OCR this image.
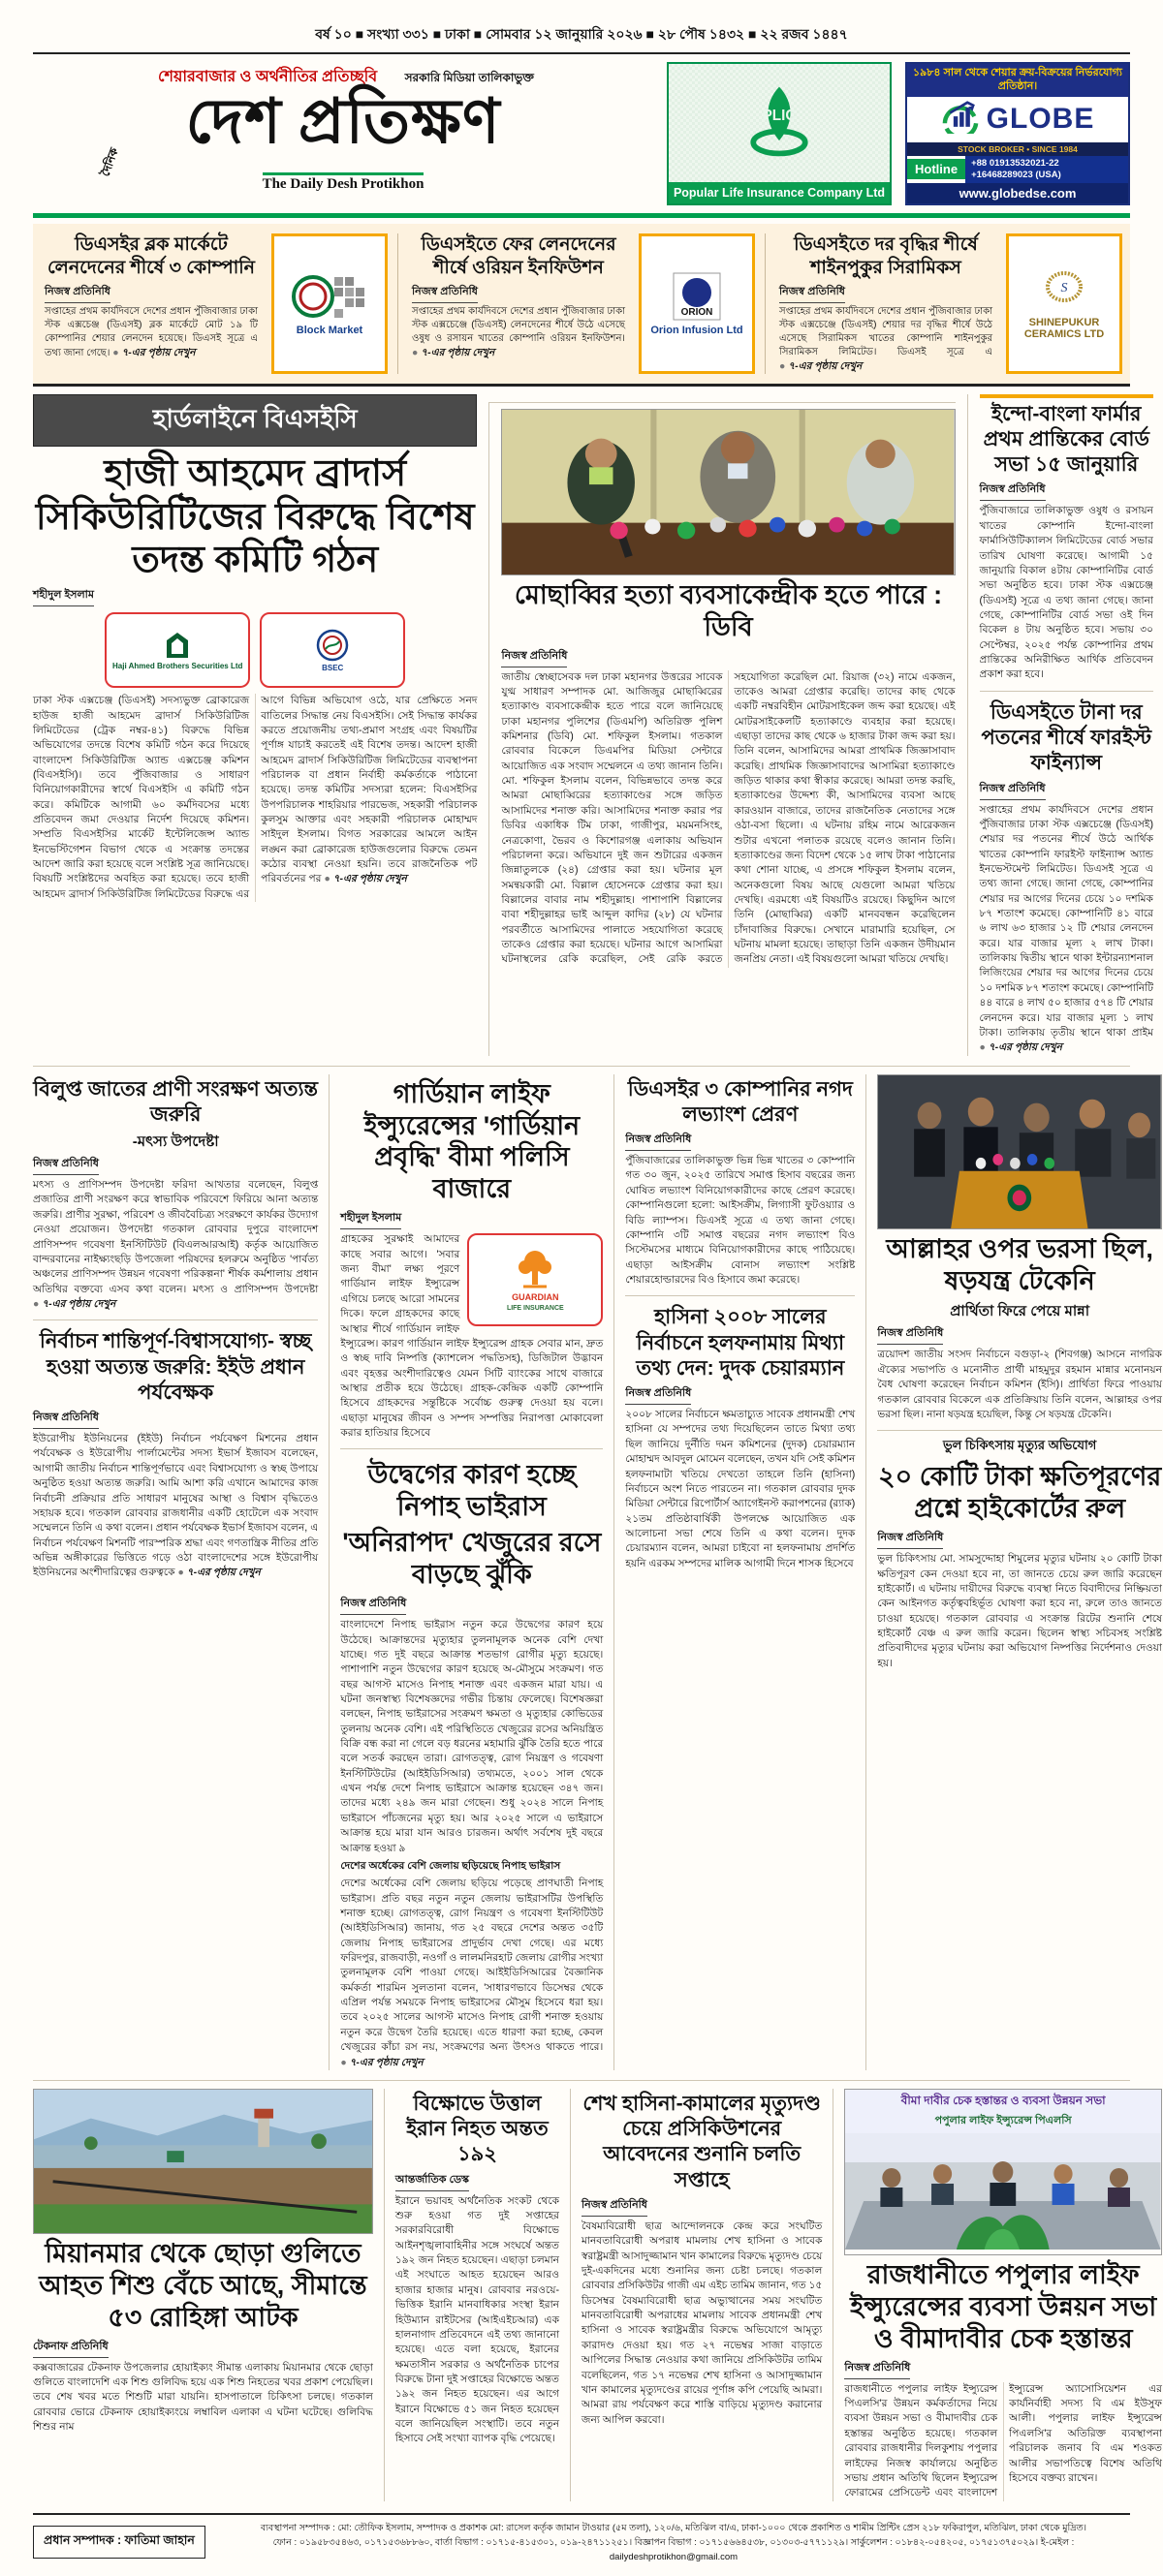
বর্ষ ১০ ■ সংখ্যা ৩৩১ ■ ঢাকা ■ সোমবার ১২ জানুয়ারি ২০২৬ ■ ২৮ পৌষ ১৪৩২ ■ ২২ রজব ১৪৪৭
শেয়ারবাজার ও অর্থনীতির প্রতিচ্ছবি সরকারি মিডিয়া তালিকাভুক্ত
দেশ প্রতিক্ষণ
দৈনিক

The Daily Desh Protikhon
PLIC
Popular Life Insurance Company Ltd
১৯৮৪ সাল থেকে শেয়ার ক্রয়-বিক্রয়ের নির্ভরযোগ্য প্রতিষ্ঠান।
GLOBE
STOCK BROKER • SINCE 1984
Hotline	+88 01913532021-22
+16468289023 (USA)
www.globedse.com
ডিএসইর ব্লক মার্কেটে লেনদেনের শীর্ষে ৩ কোম্পানি
নিজস্ব প্রতিনিধি

সপ্তাহের প্রথম কার্যদিবসে দেশের প্রধান পুঁজিবাজার ঢাকা স্টক এক্সচেঞ্জ (ডিএসই) ব্লক মার্কেটে মোট ১৯ টি কোম্পানির শেয়ার লেনদেন হয়েছে। ডিএসই সূত্রে এ তথ্য জানা গেছে। ● ৭-এর পৃষ্ঠায় দেখুন

Block Market
ডিএসইতে ফের লেনদেনের শীর্ষে ওরিয়ন ইনফিউশন
নিজস্ব প্রতিনিধি

সপ্তাহের প্রথম কার্যদিবসে দেশের প্রধান পুঁজিবাজার ঢাকা স্টক এক্সচেঞ্জে (ডিএসই) লেনদেনের শীর্ষে উঠে এসেছে ওষুধ ও রসায়ন খাতের কোম্পানি ওরিয়ন ইনফিউশন। ● ৭-এর পৃষ্ঠায় দেখুন

ORION
Orion Infusion Ltd
ডিএসইতে দর বৃদ্ধির শীর্ষে শাইনপুকুর সিরামিকস
নিজস্ব প্রতিনিধি

সপ্তাহের প্রথম কার্যদিবসে দেশের প্রধান পুঁজিবাজার ঢাকা স্টক এক্সচেঞ্জে (ডিএসই) শেয়ার দর বৃদ্ধির শীর্ষে উঠে এসেছে সিরামিকস খাতের কোম্পানি শাইনপুকুর সিরামিকস লিমিটেড। ডিএসই সূত্রে এ ● ৭-এর পৃষ্ঠায় দেখুন

S
SHINEPUKUR CERAMICS LTD
হার্ডলাইনে বিএসইসি
হাজী আহমেদ ব্রাদার্স সিকিউরিটিজের বিরুদ্ধে বিশেষ তদন্ত কমিটি গঠন
শহীদুল ইসলাম
Haji Ahmed Brothers Securities Ltd	BSEC
ঢাকা স্টক এক্সচেঞ্জ (ডিএসই) সদস্যভুক্ত ব্রোকারেজ হাউজ হাজী আহমেদ ব্রাদার্স সিকিউরিটিজ লিমিটেডের (ট্রেক নম্বর-৪১) বিরুদ্ধে বিভিন্ন অভিযোগের তদন্তে বিশেষ কমিটি গঠন করে দিয়েছে বাংলাদেশ সিকিউরিটিজ অ্যান্ড এক্সচেঞ্জ কমিশন (বিএসইসি)। তবে পুঁজিবাজার ও সাধারণ বিনিয়োগকারীদের স্বার্থে বিএসইসি এ কমিটি গঠন করে। কমিটিকে আগামী ৬০ কর্মদিবসের মধ্যে প্রতিবেদন জমা দেওয়ার নির্দেশ দিয়েছে কমিশন। সম্প্রতি বিএসইসির মার্কেট ইন্টেলিজেন্স অ্যান্ড ইনভেস্টিগেশন বিভাগ থেকে এ সংক্রান্ত তদন্তের আদেশ জারি করা হয়েছে বলে সংশ্লিষ্ট সূত্র জানিয়েছে। বিষয়টি সংশ্লিষ্টদের অবহিত করা হয়েছে। তবে হাজী আহমেদ ব্রাদার্স সিকিউরিটিজ লিমিটেডের বিরুদ্ধে এর আগে বিভিন্ন অভিযোগ ওঠে, যার প্রেক্ষিতে সনদ বাতিলের সিদ্ধান্ত নেয় বিএসইসি। সেই সিদ্ধান্ত কার্যকর করতে প্রয়োজনীয় তথ্য-প্রমাণ সংগ্রহ এবং বিষয়টির পূর্ণাঙ্গ যাচাই করতেই এই বিশেষ তদন্ত। আদেশ হাজী আহমেদ ব্রাদার্স সিকিউরিটিজ লিমিটেডের ব্যবস্থাপনা পরিচালক বা প্রধান নির্বাহী কর্মকর্তাকে পাঠানো হয়েছে। তদন্ত কমিটির সদস্যরা হলেন: বিএসইসির উপপরিচালক শাহরিয়ার পারভেজ, সহকারী পরিচালক কুলসুম আক্তার এবং সহকারী পরিচালক মোহাম্মদ সাইদুল ইসলাম। বিগত সরকারের আমলে আইন লঙ্ঘন করা ব্রোকারেজ হাউজগুলোর বিরুদ্ধে তেমন কঠোর ব্যবস্থা নেওয়া হয়নি। তবে রাজনৈতিক পট পরিবর্তনের পর ● ৭-এর পৃষ্ঠায় দেখুন
মোছাব্বির হত্যা ব্যবসাকেন্দ্রীক হতে পারে : ডিবি
নিজস্ব প্রতিনিধি
জাতীয় স্বেচ্ছাসেবক দল ঢাকা মহানগর উত্তরের সাবেক যুগ্ম সাধারণ সম্পাদক মো. আজিজুর মোছাব্বিরের হত্যাকাণ্ড ব্যবসাকেন্দ্রীক হতে পারে বলে জানিয়েছে ঢাকা মহানগর পুলিশের (ডিএমপি) অতিরিক্ত পুলিশ কমিশনার (ডিবি) মো. শফিকুল ইসলাম। গতকাল রোববার বিকেলে ডিএমপির মিডিয়া সেন্টারে আয়োজিত এক সংবাদ সম্মেলনে এ তথ্য জানান তিনি। মো. শফিকুল ইসলাম বলেন, বিভিন্নভাবে তদন্ত করে আমরা মোছাব্বিরের হত্যাকাণ্ডের সঙ্গে জড়িত আসামিদের শনাক্ত করি। আসামিদের শনাক্ত করার পর ডিবির একাধিক টিম ঢাকা, গাজীপুর, ময়মনসিংহ, নেত্রকোণা, ভৈরব ও কিশোরগঞ্জ এলাকায় অভিযান পরিচালনা করে। অভিযানে দুই জন শুটারের একজন জিন্নাতুলকে (২৪) গ্রেপ্তার করা হয়। ঘটনার মূল সমন্বয়কারী মো. বিল্লাল হোসেনকে গ্রেপ্তার করা হয়। বিল্লালের বাবার নাম শহীদুল্লাহ। পাশাপাশি বিল্লালের বাবা শহীদুল্লাহর ভাই আব্দুল কাদির (২৮) যে ঘটনার পরবর্তীতে আসামিদের পালাতে সহযোগিতা করেছে তাকেও গ্রেপ্তার করা হয়েছে। ঘটনার আগে আসামিরা ঘটনাস্থলের রেকি করেছিল, সেই রেকি করতে সহযোগিতা করেছিল মো. রিয়াজ (৩২) নামে একজন, তাকেও আমরা গ্রেপ্তার করেছি। তাদের কাছ থেকে একটি নম্বরবিহীন মোটরসাইকেল জব্দ করা হয়েছে। এই মোটরসাইকেলটি হত্যাকাণ্ডে ব্যবহার করা হয়েছে। এছাড়া তাদের কাছ থেকে ৬ হাজার টাকা জব্দ করা হয়। তিনি বলেন, আসামিদের আমরা প্রাথমিক জিজ্ঞাসাবাদ করেছি। প্রাথমিক জিজ্ঞাসাবাদের আসামিরা হত্যাকাণ্ডে জড়িত থাকার কথা স্বীকার করেছে। আমরা তদন্ত করছি, হত্যাকাণ্ডের উদ্দেশ্য কী, আসামিদের ব্যবসা আছে কারওয়ান বাজারে, তাদের রাজনৈতিক নেতাদের সঙ্গে ওঠা-বসা ছিলো। এ ঘটনায় রহিম নামে আরেকজন শুটার এখনো পলাতক রয়েছে বলেও জানান তিনি। হত্যাকাণ্ডের জন্য বিদেশ থেকে ১৫ লাখ টাকা পাঠানোর কথা শোনা যাচ্ছে, এ প্রসঙ্গে শফিকুল ইসলাম বলেন, অনেকগুলো বিষয় আছে যেগুলো আমরা খতিয়ে দেখছি। এরমধ্যে এই বিষয়টিও রয়েছে। কিছুদিন আগে তিনি (মোছাব্বির) একটি মানববন্ধন করেছিলেন চাঁদাবাজির বিরুদ্ধে। সেখানে মারামারি হয়েছিল, সে ঘটনায় মামলা হয়েছে। তাছাড়া তিনি একজন উদীয়মান জনপ্রিয় নেতা। এই বিষয়গুলো আমরা খতিয়ে দেখছি।
ইন্দো-বাংলা ফার্মার প্রথম প্রান্তিকের বোর্ড সভা ১৫ জানুয়ারি
নিজস্ব প্রতিনিধি
পুঁজিবাজারে তালিকাভুক্ত ওষুধ ও রসায়ন খাতের কোম্পানি ইন্দো-বাংলা ফার্মাসিউটিক্যালস লিমিটেডের বোর্ড সভার তারিখ ঘোষণা করেছে। আগামী ১৫ জানুয়ারি বিকাল ৪টায় কোম্পানিটির বোর্ড সভা অনুষ্ঠিত হবে। ঢাকা স্টক এক্সচেঞ্জ (ডিএসই) সূত্রে এ তথ্য জানা গেছে। জানা গেছে, কোম্পানিটির বোর্ড সভা ওই দিন বিকেল ৪ টায় অনুষ্ঠিত হবে। সভায় ৩০ সেপ্টেম্বর, ২০২৫ পর্যন্ত কোম্পানির প্রথম প্রান্তিকের অনিরীক্ষিত আর্থিক প্রতিবেদন প্রকাশ করা হবে।
ডিএসইতে টানা দর পতনের শীর্ষে ফারইস্ট ফাইন্যান্স
নিজস্ব প্রতিনিধি
সপ্তাহের প্রথম কার্যদিবসে দেশের প্রধান পুঁজিবাজার ঢাকা স্টক এক্সচেঞ্জে (ডিএসই) শেয়ার দর পতনের শীর্ষে উঠে আর্থিক খাতের কোম্পানি ফারইস্ট ফাইন্যান্স অ্যান্ড ইনভেস্টমেন্ট লিমিটেড। ডিএসই সূত্রে এ তথ্য জানা গেছে। জানা গেছে, কোম্পানির শেয়ার দর আগের দিনের চেয়ে ১০ দশমিক ৮৭ শতাংশ কমেছে। কোম্পানিটি ৪১ বারে ৬ লাখ ৬৩ হাজার ১২ টি শেয়ার লেনদেন করে। যার বাজার মূল্য ২ লাখ টাকা। তালিকায় দ্বিতীয় স্থানে থাকা ইন্টারন্যাশনাল লিজিংয়ের শেয়ার দর আগের দিনের চেয়ে ১০ দশমিক ৮৭ শতাংশ কমেছে। কোম্পানিটি ৪৪ বারে ৪ লাখ ৫০ হাজার ৫৭৪ টি শেয়ার লেনদেন করে। যার বাজার মূল্য ১ লাখ টাকা। তালিকায় তৃতীয় স্থানে থাকা প্রাইম ● ৭-এর পৃষ্ঠায় দেখুন
বিলুপ্ত জাতের প্রাণী সংরক্ষণ অত্যন্ত জরুরি
-মৎস্য উপদেষ্টা
নিজস্ব প্রতিনিধি
মৎস্য ও প্রাণিসম্পদ উপদেষ্টা ফরিদা আখতার বলেছেন, বিলুপ্ত প্রজাতির প্রাণী সংরক্ষণ করে স্বাভাবিক পরিবেশে ফিরিয়ে আনা অত্যন্ত জরুরি। প্রাণীর সুরক্ষা, পরিবেশ ও জীববৈচিত্র্য সংরক্ষণে কার্যকর উদ্যোগ নেওয়া প্রয়োজন। উপদেষ্টা গতকাল রোববার দুপুরে বাংলাদেশ প্রাণিসম্পদ গবেষণা ইনস্টিটিউট (বিএলআরআই) কর্তৃক আয়োজিত বান্দরবানের নাইক্ষ্যংছড়ি উপজেলা পরিষদের হলরুমে অনুষ্ঠিত 'পার্বত্য অঞ্চলের প্রাণিসম্পদ উন্নয়ন গবেষণা পরিকল্পনা' শীর্ষক কর্মশালায় প্রধান অতিথির বক্তব্যে এসব কথা বলেন। মৎস্য ও প্রাণিসম্পদ উপদেষ্টা ● ৭-এর পৃষ্ঠায় দেখুন
নির্বাচন শান্তিপূর্ণ-বিশ্বাসযোগ্য- স্বচ্ছ হওয়া অত্যন্ত জরুরি: ইইউ প্রধান পর্যবেক্ষক
নিজস্ব প্রতিনিধি
ইউরোপীয় ইউনিয়নের (ইইউ) নির্বাচন পর্যবেক্ষণ মিশনের প্রধান পর্যবেক্ষক ও ইউরোপীয় পার্লামেন্টের সদস্য ইভার্স ইজাবস বলেছেন, আগামী জাতীয় নির্বাচন শান্তিপূর্ণভাবে এবং বিশ্বাসযোগ্য ও স্বচ্ছ উপায়ে অনুষ্ঠিত হওয়া অত্যন্ত জরুরি। আমি আশা করি এখানে আমাদের কাজ নির্বাচনী প্রক্রিয়ার প্রতি সাধারণ মানুষের আস্থা ও বিশ্বাস বৃদ্ধিতেও সহায়ক হবে। গতকাল রোববার রাজধানীর একটি হোটেলে এক সংবাদ সম্মেলনে তিনি এ কথা বলেন। প্রধান পর্যবেক্ষক ইভার্স ইজাবস বলেন, এ নির্বাচন পর্যবেক্ষণ মিশনটি পারস্পরিক শ্রদ্ধা এবং গণতান্ত্রিক নীতির প্রতি অভিন্ন অঙ্গীকারের ভিত্তিতে গড়ে ওঠা বাংলাদেশের সঙ্গে ইউরোপীয় ইউনিয়নের অংশীদারিত্বের গুরুত্বকে ● ৭-এর পৃষ্ঠায় দেখুন
গার্ডিয়ান লাইফ ইন্স্যুরেন্সের 'গার্ডিয়ান প্রবৃদ্ধি' বীমা পলিসি বাজারে
শহীদুল ইসলাম
GUARDIAN
LIFE INSURANCE
গ্রাহকের সুরক্ষাই আমাদের কাছে সবার আগে। 'সবার জন্য বীমা' লক্ষ্য পূরণে গার্ডিয়ান লাইফ ইন্স্যুরেন্স এগিয়ে চলছে আরো সামনের দিকে। ফলে গ্রাহকদের কাছে আস্থার শীর্ষে গার্ডিয়ান লাইফ ইন্স্যুরেন্স। কারণ গার্ডিয়ান লাইফ ইন্স্যুরেন্স গ্রাহক সেবার মান, দ্রুত ও স্বচ্ছ দাবি নিষ্পত্তি (ক্যাশলেস পদ্ধতিসহ), ডিজিটাল উদ্ভাবন এবং বৃহত্তর অংশীদারিত্বেও যেমন সিটি ব্যাংকের সাথে বাজারে আস্থার প্রতীক হয়ে উঠেছে। গ্রাহক-কেন্দ্রিক একটি কোম্পানি হিসেবে গ্রাহকদের সন্তুষ্টিকে সর্বোচ্চ গুরুত্ব দেওয়া হয় বলে। এছাড়া মানুষের জীবন ও সম্পদ সম্পত্তির নিরাপত্তা মোকাবেলা করার হাতিয়ার হিসেবে
উদ্বেগের কারণ হচ্ছে নিপাহ ভাইরাস
'অনিরাপদ' খেজুরের রসে বাড়ছে ঝুঁকি
নিজস্ব প্রতিনিধি
বাংলাদেশে নিপাহ ভাইরাস নতুন করে উদ্বেগের কারণ হয়ে উঠেছে। আক্রান্তদের মৃত্যুহার তুলনামূলক অনেক বেশি দেখা যাচ্ছে। গত দুই বছরে আক্রান্ত শতভাগ রোগীর মৃত্যু হয়েছে। পাশাপাশি নতুন উদ্বেগের কারণ হয়েছে অ-মৌসুমে সংক্রমণ। গত বছর আগস্ট মাসেও নিপাহ শনাক্ত এবং একজন মারা যায়। এ ঘটনা জনস্বাস্থ্য বিশেষজ্ঞদের গভীর চিন্তায় ফেলেছে। বিশেষজ্ঞরা বলছেন, নিপাহ ভাইরাসের সংক্রমণ ক্ষমতা ও মৃত্যুহার কোভিডের তুলনায় অনেক বেশি। এই পরিস্থিতিতে খেজুরের রসের অনিয়ন্ত্রিত বিক্রি বন্ধ করা না গেলে বড় ধরনের মহামারি ঝুঁকি তৈরি হতে পারে বলে সতর্ক করছেন তারা। রোগতত্ত্ব, রোগ নিয়ন্ত্রণ ও গবেষণা ইনস্টিটিউটের (আইইডিসিআর) তথ্যমতে, ২০০১ সাল থেকে এখন পর্যন্ত দেশে নিপাহ ভাইরাসে আক্রান্ত হয়েছেন ৩৪৭ জন। তাদের মধ্যে ২৪৯ জন মারা গেছেন। শুধু ২০২৪ সালে নিপাহ ভাইরাসে পাঁচজনের মৃত্যু হয়। আর ২০২৫ সালে এ ভাইরাসে আক্রান্ত হয়ে মারা যান আরও চারজন। অর্থাৎ সর্বশেষ দুই বছরে আক্রান্ত হওয়া ৯
দেশের অর্ধেকের বেশি জেলায় ছড়িয়েছে নিপাহ ভাইরাস
দেশের অর্ধেকের বেশি জেলায় ছড়িয়ে পড়েছে প্রাণঘাতী নিপাহ ভাইরাস। প্রতি বছর নতুন নতুন জেলায় ভাইরাসটির উপস্থিতি শনাক্ত হচ্ছে। রোগতত্ত্ব, রোগ নিয়ন্ত্রণ ও গবেষণা ইনস্টিটিউট (আইইডিসিআর) জানায়, গত ২৫ বছরে দেশের অন্তত ৩৫টি জেলায় নিপাহ ভাইরাসের প্রাদুর্ভাব দেখা গেছে। এর মধ্যে ফরিদপুর, রাজবাড়ী, নওগাঁ ও লালমনিরহাট জেলায় রোগীর সংখ্যা তুলনামূলক বেশি পাওয়া গেছে। আইইডিসিআরের বৈজ্ঞানিক কর্মকর্তা শারমিন সুলতানা বলেন, 'সাধারণভাবে ডিসেম্বর থেকে এপ্রিল পর্যন্ত সময়কে নিপাহ ভাইরাসের মৌসুম হিসেবে ধরা হয়। তবে ২০২৫ সালের আগস্ট মাসেও নিপাহ রোগী শনাক্ত হওয়ায় নতুন করে উদ্বেগ তৈরি হয়েছে। এতে ধারণা করা হচ্ছে, কেবল খেজুরের কাঁচা রস নয়, সংক্রমণের অন্য উৎসও থাকতে পারে। ● ৭-এর পৃষ্ঠায় দেখুন
ডিএসইর ৩ কোম্পানির নগদ লভ্যাংশ প্রেরণ
নিজস্ব প্রতিনিধি
পুঁজিবাজারের তালিকাভুক্ত ভিন্ন ভিন্ন খাতের ৩ কোম্পানি গত ৩০ জুন, ২০২৫ তারিখে সমাপ্ত হিসাব বছরের জন্য ঘোষিত লভ্যাংশ বিনিয়োগকারীদের কাছে প্রেরণ করেছে। কোম্পানিগুলো হলো: আইসক্রীম, লিগ্যাসী ফুটওয়্যার ও বিডি ল্যাম্পস। ডিএসই সূত্রে এ তথ্য জানা গেছে। কোম্পানি ৩টি সমাপ্ত বছরের নগদ লভ্যাংশ বিও সিস্টেমসের মাধ্যমে বিনিয়োগকারীদের কাছে পাঠিয়েছে। এছাড়া আইসক্রীম বোনাস লভ্যাংশ সংশ্লিষ্ট শেয়ারহোল্ডারদের বিও হিসাবে জমা করেছে।
হাসিনা ২০০৮ সালের নির্বাচনে হলফনামায় মিথ্যা তথ্য দেন: দুদক চেয়ারম্যান
নিজস্ব প্রতিনিধি
২০০৮ সালের নির্বাচনে ক্ষমতাচ্যুত সাবেক প্রধানমন্ত্রী শেখ হাসিনা যে সম্পদের তথ্য দিয়েছিলেন তাতে মিথ্যা তথ্য ছিল জানিয়ে দুর্নীতি দমন কমিশনের (দুদক) চেয়ারম্যান মোহাম্মদ আবদুল মোমেন বলেছেন, তখন যদি সেই কমিশন হলফনামাটা খতিয়ে দেখতো তাহলে তিনি (হাসিনা) নির্বাচনে অংশ নিতে পারতেন না। গতকাল রোববার দুদক মিডিয়া সেন্টারে রিপোর্টার্স অ্যাগেইনস্ট করাপশনের (র‍্যাক) ২১তম প্রতিষ্ঠাবার্ষিকী উপলক্ষে আয়োজিত এক আলোচনা সভা শেষে তিনি এ কথা বলেন। দুদক চেয়ারম্যান বলেন, আমরা চাইবো না হলফনামায় প্রদর্শিত হয়নি এরকম সম্পদের মালিক আগামী দিনে শাসক হিসেবে
আল্লাহর ওপর ভরসা ছিল, ষড়যন্ত্র টেকেনি
প্রার্থিতা ফিরে পেয়ে মান্না
নিজস্ব প্রতিনিধি
ত্রয়োদশ জাতীয় সংসদ নির্বাচনে বগুড়া-২ (শিবগঞ্জ) আসনে নাগরিক ঐক্যের সভাপতি ও মনোনীত প্রার্থী মাহমুদুর রহমান মান্নার মনোনয়ন বৈধ ঘোষণা করেছেন নির্বাচন কমিশন (ইসি)। প্রার্থিতা ফিরে পাওয়ায় গতকাল রোববার বিকেলে এক প্রতিক্রিয়ায় তিনি বলেন, আল্লাহর ওপর ভরসা ছিল। নানা ষড়যন্ত্র হয়েছিল, কিন্তু সে ষড়যন্ত্র টেকেনি।
ভুল চিকিৎসায় মৃত্যুর অভিযোগ
২০ কোটি টাকা ক্ষতিপূরণের প্রশ্নে হাইকোর্টের রুল
নিজস্ব প্রতিনিধি
ভুল চিকিৎসায় মো. সামসুদ্দোহা শিমুলের মৃত্যুর ঘটনায় ২০ কোটি টাকা ক্ষতিপূরণ কেন দেওয়া হবে না, তা জানতে চেয়ে রুল জারি করেছেন হাইকোর্ট। এ ঘটনায় দায়ীদের বিরুদ্ধে ব্যবস্থা নিতে বিবাদীদের নিষ্ক্রিয়তা কেন আইনগত কর্তৃত্ববহির্ভূত ঘোষণা করা হবে না, রুলে তাও জানতে চাওয়া হয়েছে। গতকাল রোববার এ সংক্রান্ত রিটের শুনানি শেষে হাইকোর্ট বেঞ্চ এ রুল জারি করেন। ছিলেন স্বাস্থ্য সচিবসহ সংশ্লিষ্ট প্রতিবাদীদের মৃত্যুর ঘটনায় করা অভিযোগ নিষ্পত্তির নির্দেশনাও দেওয়া হয়।
মিয়ানমার থেকে ছোড়া গুলিতে আহত শিশু বেঁচে আছে, সীমান্তে ৫৩ রোহিঙ্গা আটক
টেকনাফ প্রতিনিধি
কক্সবাজারের টেকনাফ উপজেলার হোয়াইক্যং সীমান্ত এলাকায় মিয়ানমার থেকে ছোড়া গুলিতে বাংলাদেশি এক শিশু গুলিবিদ্ধ হয়ে এক শিশু নিহতের খবর প্রকাশ পেয়েছিল। তবে শেষ খবর মতে শিশুটি মারা যায়নি। হাসপাতালে চিকিৎসা চলছে। গতকাল রোববার ভোরে টেকনাফ হোয়াইক্যংয়ে লম্বাবিল এলাকা এ ঘটনা ঘটেছে। গুলিবিদ্ধ শিশুর নাম
বিক্ষোভে উত্তাল ইরান নিহত অন্তত ১৯২
আন্তর্জাতিক ডেস্ক
ইরানে ভয়াবহ অর্থনৈতিক সংকট থেকে শুরু হওয়া গত দুই সপ্তাহের সরকারবিরোধী বিক্ষোভে আইনশৃঙ্খলাবাহিনীর সঙ্গে সংঘর্ষে অন্তত ১৯২ জন নিহত হয়েছেন। এছাড়া চলমান এই সংঘাতে আহত হয়েছেন আরও হাজার হাজার মানুষ। রোববার নরওয়ে-ভিত্তিক ইরানি মানবাধিকার সংস্থা ইরান হিউম্যান রাইটসের (আইএইচআর) এক হালনাগাদ প্রতিবেদনে এই তথ্য জানানো হয়েছে। এতে বলা হয়েছে, ইরানের ক্ষমতাসীন সরকার ও অর্থনৈতিক চাপের বিরুদ্ধে টানা দুই সপ্তাহের বিক্ষোভে অন্তত ১৯২ জন নিহত হয়েছেন। এর আগে ইরানে বিক্ষোভে ৫১ জন নিহত হয়েছেন বলে জানিয়েছিল সংস্থাটি। তবে নতুন হিসাবে সেই সংখ্যা ব্যাপক বৃদ্ধি পেয়েছে।
শেখ হাসিনা-কামালের মৃত্যুদণ্ড চেয়ে প্রসিকিউশনের আবেদনের শুনানি চলতি সপ্তাহে
নিজস্ব প্রতিনিধি
বৈষম্যবিরোধী ছাত্র আন্দোলনকে কেন্দ্র করে সংঘটিত মানবতাবিরোধী অপরাধ মামলায় শেখ হাসিনা ও সাবেক স্বরাষ্ট্রমন্ত্রী আসাদুজ্জামান খান কামালের বিরুদ্ধে মৃত্যুদণ্ড চেয়ে দুই-একদিনের মধ্যে শুনানির জন্য চেষ্টা চলছে। গতকাল রোববার প্রসিকিউটর গাজী এম এইচ তামিম জানান, গত ১৫ ডিসেম্বর বৈষম্যবিরোধী ছাত্র অভ্যুত্থানের সময় সংঘটিত মানবতাবিরোধী অপরাধের মামলায় সাবেক প্রধানমন্ত্রী শেখ হাসিনা ও সাবেক স্বরাষ্ট্রমন্ত্রীর বিরুদ্ধে অভিযোগে আমৃত্যু কারাদণ্ড দেওয়া হয়। গত ২৭ নভেম্বর সাজা বাড়াতে আপিলের সিদ্ধান্ত নেওয়ার কথা জানিয়ে প্রসিকিউটর তামিম বলেছিলেন, গত ১৭ নভেম্বর শেখ হাসিনা ও আসাদুজ্জামান খান কামালের মৃত্যুদণ্ডের রায়ের পূর্ণাঙ্গ কপি পেয়েছি আমরা। আমরা রায় পর্যবেক্ষণ করে শাস্তি বাড়িয়ে মৃত্যুদণ্ড করানোর জন্য আপিল করবো।
বীমা দাবীর চেক হস্তান্তর ও ব্যবসা উন্নয়ন সভা
পপুলার লাইফ ইন্স্যুরেন্স পিএলসি
রাজধানীতে পপুলার লাইফ ইন্স্যুরেন্সের ব্যবসা উন্নয়ন সভা ও বীমাদাবীর চেক হস্তান্তর
নিজস্ব প্রতিনিধি
রাজধানীতে পপুলার লাইফ ইন্স্যুরেন্স পিএলসি'র উন্নয়ন কর্মকর্তাদের নিয়ে ব্যবসা উন্নয়ন সভা ও বীমাদাবীর চেক হস্তান্তর অনুষ্ঠিত হয়েছে। গতকাল রোববার রাজধানীর দিলকুশায় পপুলার লাইফের নিজস্ব কার্যালয়ে অনুষ্ঠিত সভায় প্রধান অতিথি ছিলেন ইন্স্যুরেন্স ফোরামের প্রেসিডেন্ট এবং বাংলাদেশ ইন্স্যুরেন্স অ্যাসোসিয়েশন এর কার্যনির্বাহী সদস্য বি এম ইউসুফ আলী। পপুলার লাইফ ইন্স্যুরেন্স পিএলসি'র অতিরিক্ত ব্যবস্থাপনা পরিচালক জনাব বি এম শওকত আলীর সভাপতিত্বে বিশেষ অতিথি হিসেবে বক্তব্য রাখেন।
প্রধান সম্পাদক : ফাতিমা জাহান
ব্যবস্থাপনা সম্পাদক : মো: তৌফিক ইসলাম, সম্পাদক ও প্রকাশক মো: রাসেল কর্তৃক জামান টাওয়ার (৫ম তলা), ১২০/৬, মতিঝিল বা/এ, ঢাকা-১০০০ থেকে প্রকাশিত ও শামীম প্রিন্টিং প্রেস ২১৮ ফকিরাপুল, মতিঝিল, ঢাকা থেকে মুদ্রিত।
ফোন : ০১৯৫৮৩৫৪৬৩, ০১৭১৫৩৬৮৮৬০, বার্তা বিভাগ : ০১৭১৫-৪১৫৩০১, ০১৯-২৪৭১১২৫১। বিজ্ঞাপন বিভাগ : ০১৭১৫৬৬৪৫৩৮, ০১৩০৩-৫৭৭১১২৯। সার্কুলেশন : ০১৮৪২-০৫৪২০৫, ০১৭৫১৩৭৫০২৯। ই-মেইল : dailydeshprotikhon@gmail.com
